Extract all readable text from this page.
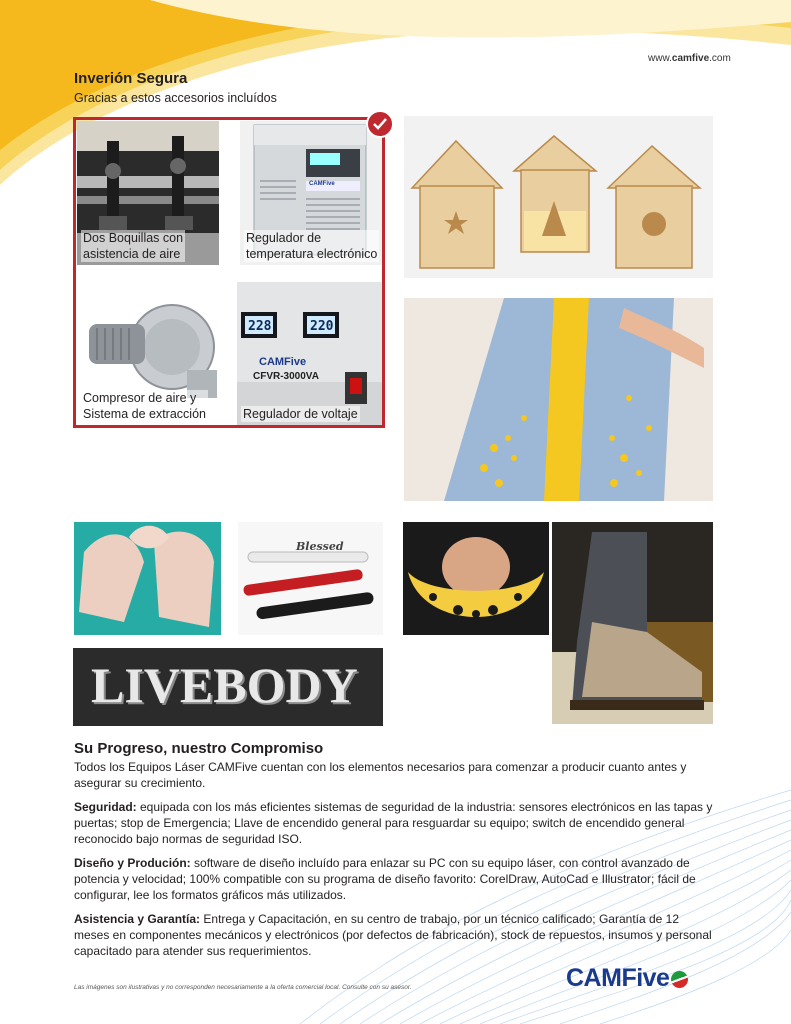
www.camfive.com
Inverión Segura

Gracias a estos accesorios incluídos

Dos Boquillas con
asistencia de aire
CAMFive
Regulador de
temperatura electrónico
Compresor de aire y
Sistema de extracción
228	220
CAMFive
CFVR-3000VA
Regulador de voltaje
Blessed
LIVEBODY
Su Progreso, nuestro Compromiso

Todos los Equipos Láser CAMFive cuentan con los elementos necesarios para comenzar a producir cuanto antes y asegurar su crecimiento.

Seguridad: equipada con los más eficientes sistemas de seguridad de la industria: sensores electrónicos en las tapas y puertas; stop de Emergencia; Llave de encendido general para resguardar su equipo; switch de encendido general reconocido bajo normas de seguridad ISO.

Diseño y Produción: software de diseño incluído para enlazar su PC con su equipo láser, con control avanzado de potencia y velocidad; 100% compatible con su programa de diseño favorito: CorelDraw, AutoCad e Illustrator; fácil de configurar, lee los formatos gráficos más utilizados.

Asistencia y Garantía: Entrega y Capacitación, en su centro de trabajo, por un técnico calificado; Garantía de 12 meses en componentes mecánicos y electrónicos (por defectos de fabricación), stock de repuestos, insumos y personal capacitado para atender sus requerimientos.

Las imágenes son ilustrativas y no corresponden necesariamente a la oferta comercial local. Consulte con su asesor.	CAMFive
